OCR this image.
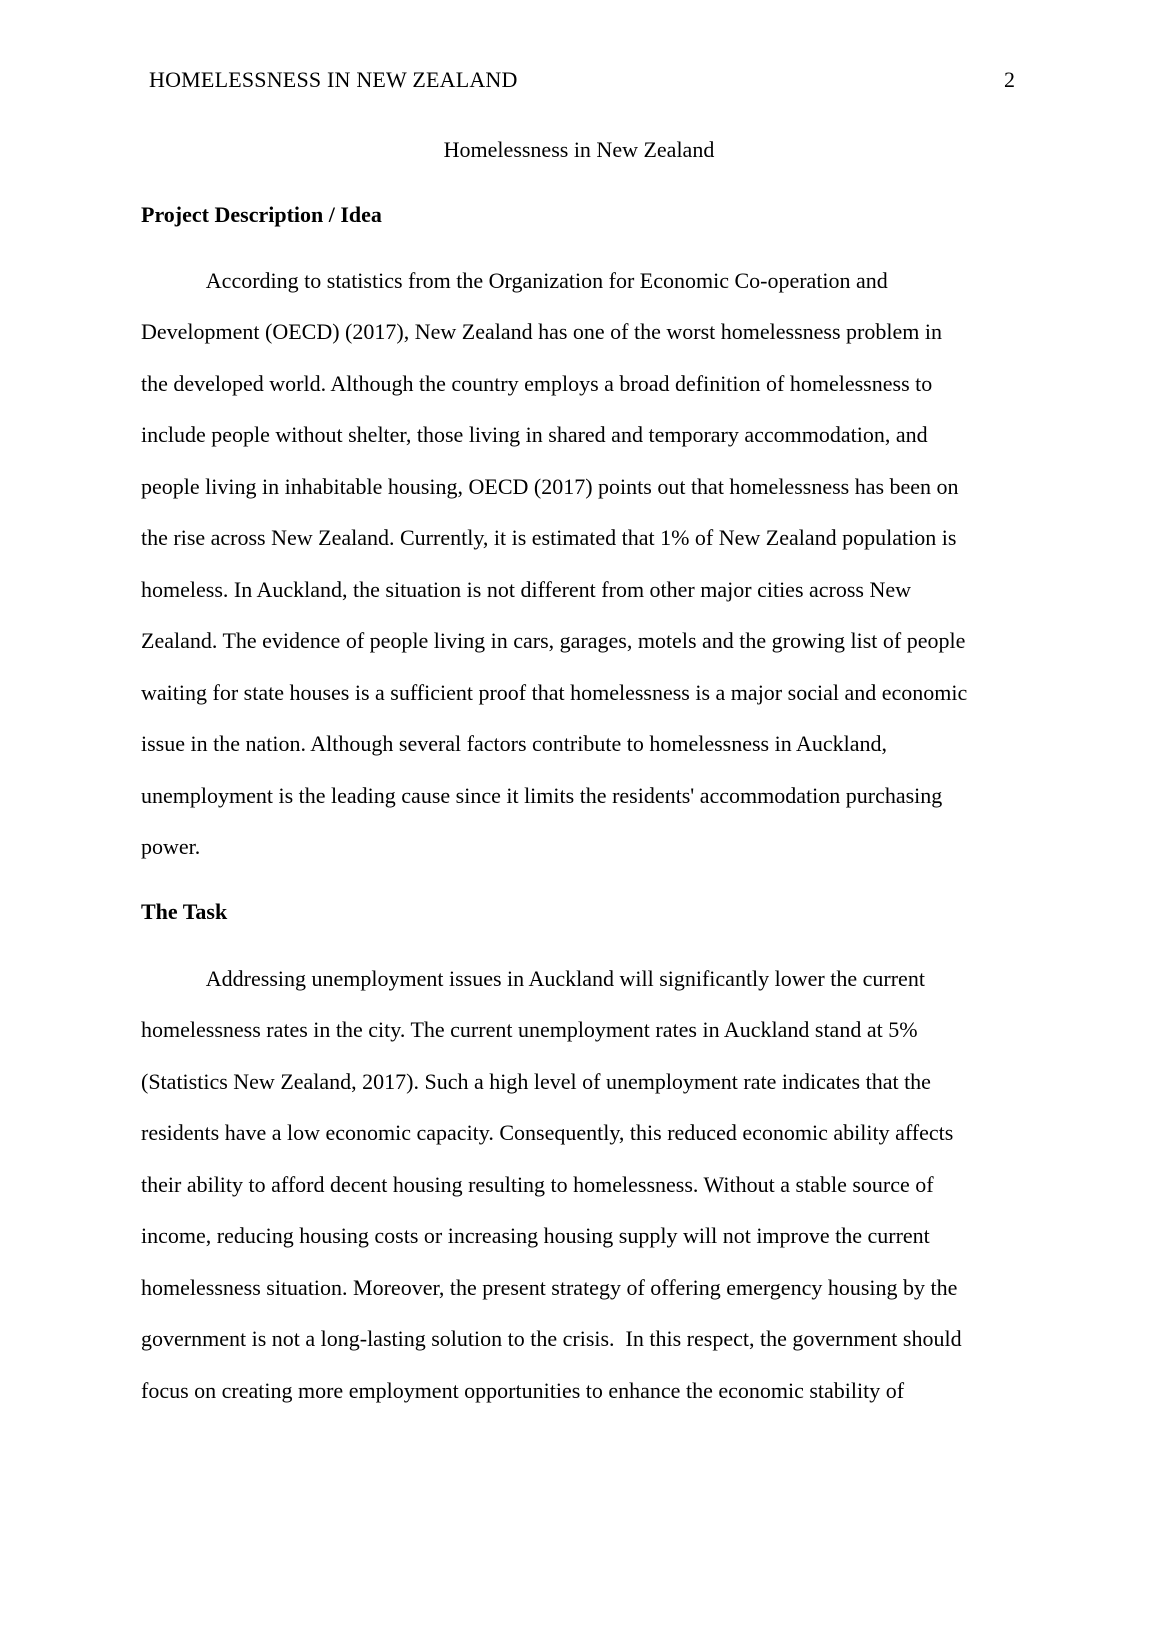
HOMELESSNESS IN NEW ZEALAND	2
Homelessness in New Zealand
Project Description / Idea
According to statistics from the Organization for Economic Co-operation and
Development (OECD) (2017), New Zealand has one of the worst homelessness problem in
the developed world. Although the country employs a broad definition of homelessness to
include people without shelter, those living in shared and temporary accommodation, and
people living in inhabitable housing, OECD (2017) points out that homelessness has been on
the rise across New Zealand. Currently, it is estimated that 1% of New Zealand population is
homeless. In Auckland, the situation is not different from other major cities across New
Zealand. The evidence of people living in cars, garages, motels and the growing list of people
waiting for state houses is a sufficient proof that homelessness is a major social and economic
issue in the nation. Although several factors contribute to homelessness in Auckland,
unemployment is the leading cause since it limits the residents' accommodation purchasing
power.
The Task
Addressing unemployment issues in Auckland will significantly lower the current
homelessness rates in the city. The current unemployment rates in Auckland stand at 5%
(Statistics New Zealand, 2017). Such a high level of unemployment rate indicates that the
residents have a low economic capacity. Consequently, this reduced economic ability affects
their ability to afford decent housing resulting to homelessness. Without a stable source of
income, reducing housing costs or increasing housing supply will not improve the current
homelessness situation. Moreover, the present strategy of offering emergency housing by the
government is not a long-lasting solution to the crisis.  In this respect, the government should
focus on creating more employment opportunities to enhance the economic stability of
